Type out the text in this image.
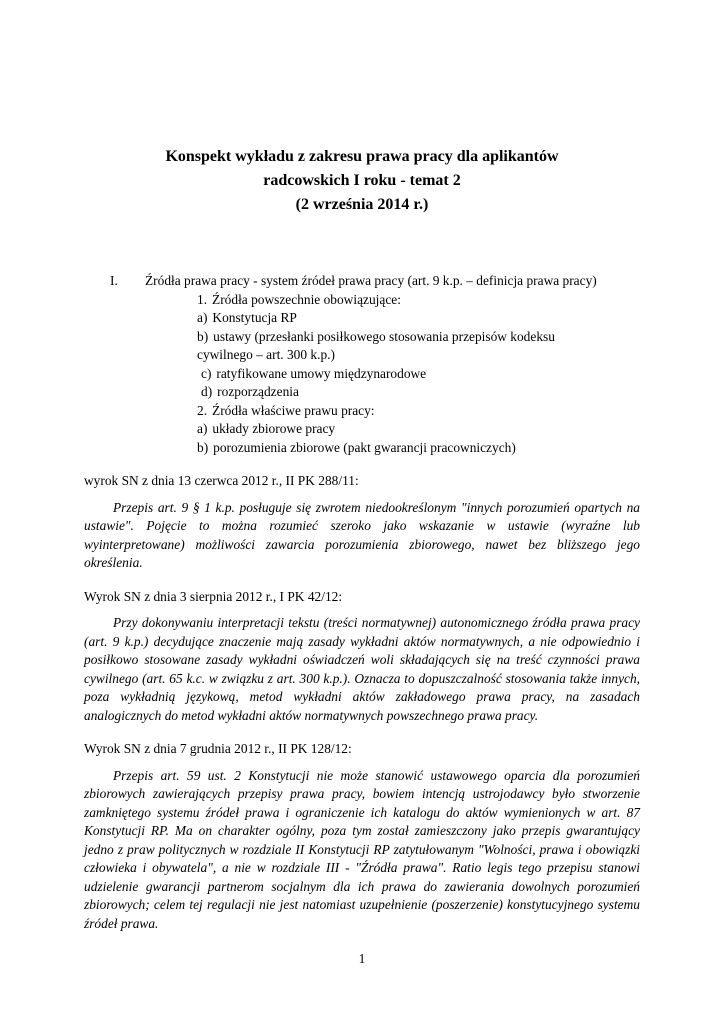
Konspekt wykładu z zakresu prawa pracy dla aplikantów
radcowskich I roku - temat 2
(2 września 2014 r.)
I.	Źródła prawa pracy - system źródeł prawa pracy (art. 9 k.p. – definicja prawa pracy)
1. Źródła powszechnie obowiązujące:
a) Konstytucja RP
b) ustawy (przesłanki posiłkowego stosowania przepisów kodeksu cywilnego – art. 300 k.p.)
c) ratyfikowane umowy międzynarodowe
d) rozporządzenia
2. Źródła właściwe prawu pracy:
a) układy zbiorowe pracy
b) porozumienia zbiorowe (pakt gwarancji pracowniczych)

wyrok SN z dnia 13 czerwca 2012 r., II PK 288/11:

Przepis art. 9 § 1 k.p. posługuje się zwrotem niedookreślonym "innych porozumień opartych na ustawie". Pojęcie to można rozumieć szeroko jako wskazanie w ustawie (wyraźne lub wyinterpretowane) możliwości zawarcia porozumienia zbiorowego, nawet bez bliższego jego określenia.

Wyrok SN z dnia 3 sierpnia 2012 r., I PK 42/12:

Przy dokonywaniu interpretacji tekstu (treści normatywnej) autonomicznego źródła prawa pracy (art. 9 k.p.) decydujące znaczenie mają zasady wykładni aktów normatywnych, a nie odpowiednio i posiłkowo stosowane zasady wykładni oświadczeń woli składających się na treść czynności prawa cywilnego (art. 65 k.c. w związku z art. 300 k.p.). Oznacza to dopuszczalność stosowania także innych, poza wykładnią językową, metod wykładni aktów zakładowego prawa pracy, na zasadach analogicznych do metod wykładni aktów normatywnych powszechnego prawa pracy.

Wyrok SN z dnia 7 grudnia 2012 r., II PK 128/12:

Przepis art. 59 ust. 2 Konstytucji nie może stanowić ustawowego oparcia dla porozumień zbiorowych zawierających przepisy prawa pracy, bowiem intencją ustrojodawcy było stworzenie zamkniętego systemu źródeł prawa i ograniczenie ich katalogu do aktów wymienionych w art. 87 Konstytucji RP. Ma on charakter ogólny, poza tym został zamieszczony jako przepis gwarantujący jedno z praw politycznych w rozdziale II Konstytucji RP zatytułowanym "Wolności, prawa i obowiązki człowieka i obywatela", a nie w rozdziale III - "Źródła prawa". Ratio legis tego przepisu stanowi udzielenie gwarancji partnerom socjalnym dla ich prawa do zawierania dowolnych porozumień zbiorowych; celem tej regulacji nie jest natomiast uzupełnienie (poszerzenie) konstytucyjnego systemu źródeł prawa.

1
